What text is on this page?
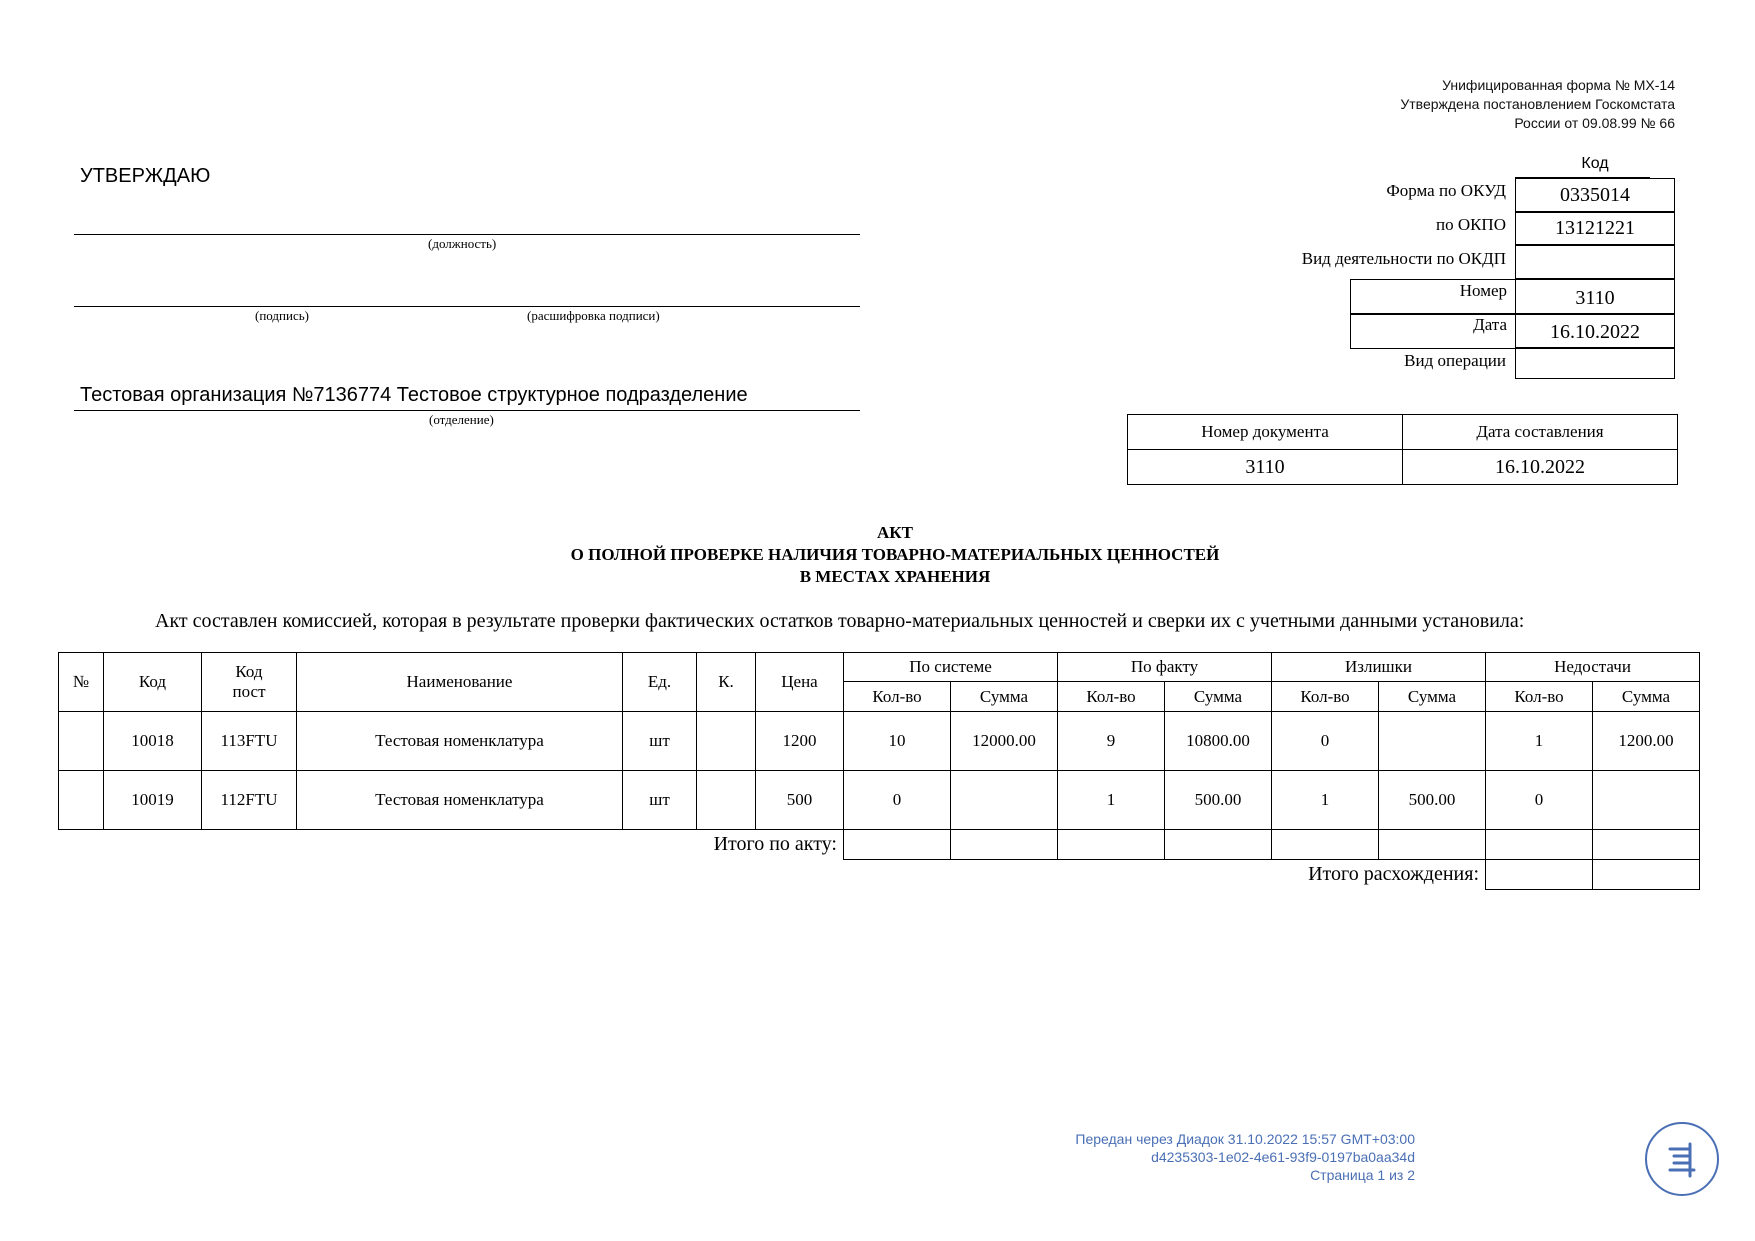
Унифицированная форма № МХ-14
Утверждена постановлением Госкомстата
России от 09.08.99 № 66
УТВЕРЖДАЮ
(должность)
(подпись)	(расшифровка подписи)
Тестовая организация №7136774 Тестовое структурное подразделение
(отделение)
Код
Форма по ОКУД	0335014
по ОКПО	13121221
Вид деятельности по ОКДП
Номер	3110
Дата	16.10.2022
Вид операции
Номер документа	Дата составления
3110	16.10.2022
АКТ
О ПОЛНОЙ ПРОВЕРКЕ НАЛИЧИЯ ТОВАРНО-МАТЕРИАЛЬНЫХ ЦЕННОСТЕЙ
В МЕСТАХ ХРАНЕНИЯ
Акт составлен комиссией, которая в результате проверки фактических остатков товарно-материальных ценностей и сверки их с учетными данными установила:
№	Код	Код пост	Наименование	Ед.	К.	Цена	По системе		По факту		Излишки		Недостачи	
							Кол-во	Сумма	Кол-во	Сумма	Кол-во	Сумма	Кол-во	Сумма
	10018	113FTU	Тестовая номенклатура	шт		1200	10	12000.00	9	10800.00	0		1	1200.00
	10019	112FTU	Тестовая номенклатура	шт		500	0		1	500.00	1	500.00	0	
Итого по акту:														
Итого расхождения:														
Передан через Диадок 31.10.2022 15:57 GMT+03:00
d4235303-1e02-4e61-93f9-0197ba0aa34d
Страница 1 из 2
